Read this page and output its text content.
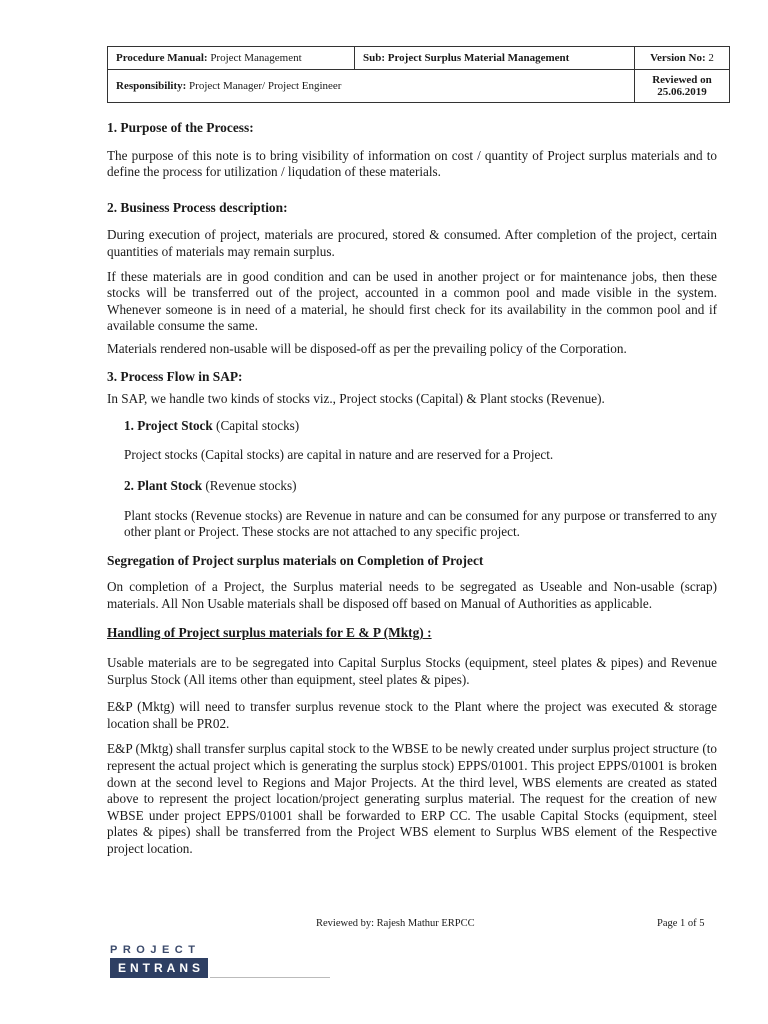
Procedure Manual: Project Management	Sub: Project Surplus Material Management	Version No: 2
Responsibility: Project Manager/ Project Engineer		Reviewed on
25.06.2019
1. Purpose of the Process:

The purpose of this note is to bring visibility of information on cost / quantity of Project surplus materials and to define the process for utilization / liqudation of these materials.

2. Business Process description:

During execution of project, materials are procured, stored & consumed. After completion of the project, certain quantities of materials may remain surplus.

If these materials are in good condition and can be used in another project or for maintenance jobs, then these stocks will be transferred out of the project, accounted in a common pool and made visible in the system. Whenever someone is in need of a material, he should first check for its availability in the common pool and if available consume the same.

Materials rendered non-usable will be disposed-off as per the prevailing policy of the Corporation.

3. Process Flow in SAP:

In SAP, we handle two kinds of stocks viz., Project stocks (Capital) & Plant stocks (Revenue).

1. Project Stock (Capital stocks)

Project stocks (Capital stocks) are capital in nature and are reserved for a Project.

2. Plant Stock (Revenue stocks)

Plant stocks (Revenue stocks) are Revenue in nature and can be consumed for any purpose or transferred to any other plant or Project. These stocks are not attached to any specific project.

Segregation of Project surplus materials on Completion of Project

On completion of a Project, the Surplus material needs to be segregated as Useable and Non-usable (scrap) materials. All Non Usable materials shall be disposed off based on Manual of Authorities as applicable.

Handling of Project surplus materials for E & P (Mktg) :

Usable materials are to be segregated into Capital Surplus Stocks (equipment, steel plates & pipes) and Revenue Surplus Stock (All items other than equipment, steel plates & pipes).

E&P (Mktg) will need to transfer surplus revenue stock to the Plant where the project was executed & storage location shall be PR02.

E&P (Mktg) shall transfer surplus capital stock to the WBSE to be newly created under surplus project structure (to represent the actual project which is generating the surplus stock) EPPS/01001. This project EPPS/01001 is broken down at the second level to Regions and Major Projects. At the third level, WBS elements are created as stated above to represent the project location/project generating surplus material. The request for the creation of new WBSE under project EPPS/01001 shall be forwarded to ERP CC. The usable Capital Stocks (equipment, steel plates & pipes) shall be transferred from the Project WBS element to Surplus WBS element of the Respective project location.

Reviewed by: Rajesh Mathur ERPCC	Page 1 of 5
PROJECT
ENTRANS
